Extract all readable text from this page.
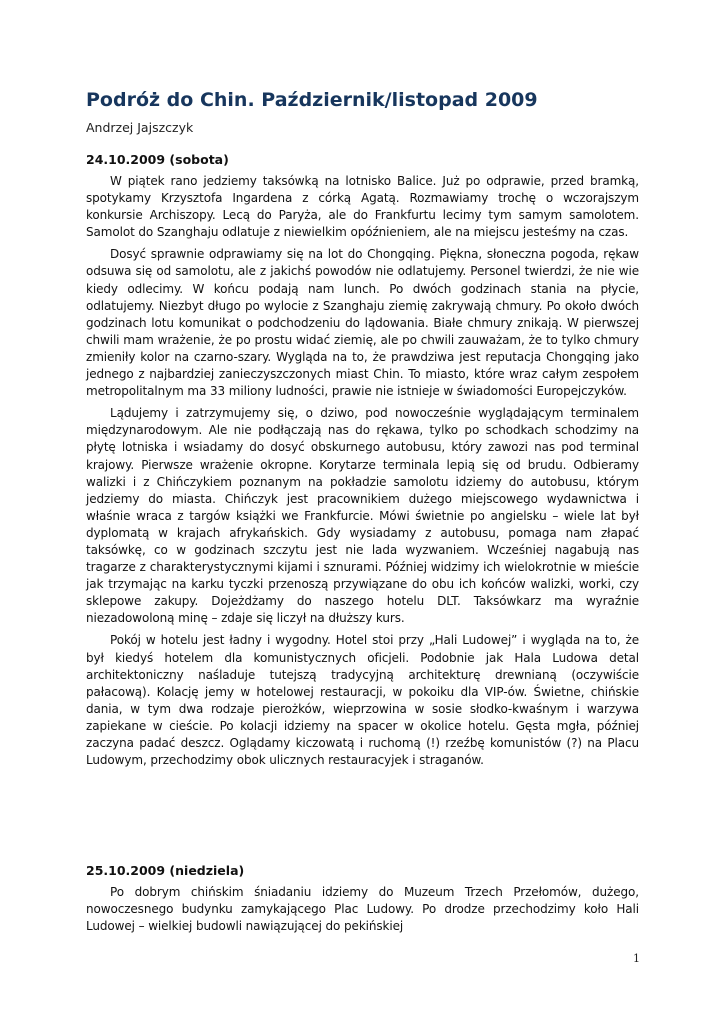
Podróż do Chin. Październik/listopad 2009

Andrzej Jajszczyk

24.10.2009 (sobota)

W piątek rano jedziemy taksówką na lotnisko Balice. Już po odprawie, przed bramką, spotykamy Krzysztofa Ingardena z córką Agatą. Rozmawiamy trochę o wczorajszym konkursie Archiszopy. Lecą do Paryża, ale do Frankfurtu lecimy tym samym samolotem. Samolot do Szanghaju odlatuje z niewielkim opóźnieniem, ale na miejscu jesteśmy na czas.

Dosyć sprawnie odprawiamy się na lot do Chongqing. Piękna, słoneczna pogoda, rękaw odsuwa się od samolotu, ale z jakichś powodów nie odlatujemy. Personel twierdzi, że nie wie kiedy odlecimy. W końcu podają nam lunch. Po dwóch godzinach stania na płycie, odlatujemy. Niezbyt długo po wylocie z Szanghaju ziemię zakrywają chmury. Po około dwóch godzinach lotu komunikat o podchodzeniu do lądowania. Białe chmury znikają. W pierwszej chwili mam wrażenie, że po prostu widać ziemię, ale po chwili zauważam, że to tylko chmury zmieniły kolor na czarno-szary. Wygląda na to, że prawdziwa jest reputacja Chongqing jako jednego z najbardziej zanieczyszczonych miast Chin. To miasto, które wraz całym zespołem metropolitalnym ma 33 miliony ludności, prawie nie istnieje w świadomości Europejczyków.

Lądujemy i zatrzymujemy się, o dziwo, pod nowocześnie wyglądającym terminalem międzynarodowym. Ale nie podłączają nas do rękawa, tylko po schodkach schodzimy na płytę lotniska i wsiadamy do dosyć obskurnego autobusu, który zawozi nas pod terminal krajowy. Pierwsze wrażenie okropne. Korytarze terminala lepią się od brudu. Odbieramy walizki i z Chińczykiem poznanym na pokładzie samolotu idziemy do autobusu, którym jedziemy do miasta. Chińczyk jest pracownikiem dużego miejscowego wydawnictwa i właśnie wraca z targów książki we Frankfurcie. Mówi świetnie po angielsku – wiele lat był dyplomatą w krajach afrykańskich. Gdy wysiadamy z autobusu, pomaga nam złapać taksówkę, co w godzinach szczytu jest nie lada wyzwaniem. Wcześniej nagabują nas tragarze z charakterystycznymi kijami i sznurami. Później widzimy ich wielokrotnie w mieście jak trzymając na karku tyczki przenoszą przywiązane do obu ich końców walizki, worki, czy sklepowe zakupy. Dojeżdżamy do naszego hotelu DLT. Taksówkarz ma wyraźnie niezadowoloną minę – zdaje się liczył na dłuższy kurs.

Pokój w hotelu jest ładny i wygodny. Hotel stoi przy „Hali Ludowej” i wygląda na to, że był kiedyś hotelem dla komunistycznych oficjeli. Podobnie jak Hala Ludowa detal architektoniczny naśladuje tutejszą tradycyjną architekturę drewnianą (oczywiście pałacową). Kolację jemy w hotelowej restauracji, w pokoiku dla VIP-ów. Świetne, chińskie dania, w tym dwa rodzaje pierożków, wieprzowina w sosie słodko-kwaśnym i warzywa zapiekane w cieście. Po kolacji idziemy na spacer w okolice hotelu. Gęsta mgła, później zaczyna padać deszcz. Oglądamy kiczowatą i ruchomą (!) rzeźbę komunistów (?) na Placu Ludowym, przechodzimy obok ulicznych restauracyjek i straganów.

25.10.2009 (niedziela)

Po dobrym chińskim śniadaniu idziemy do Muzeum Trzech Przełomów, dużego, nowoczesnego budynku zamykającego Plac Ludowy. Po drodze przechodzimy koło Hali Ludowej – wielkiej budowli nawiązującej do pekińskiej

1
